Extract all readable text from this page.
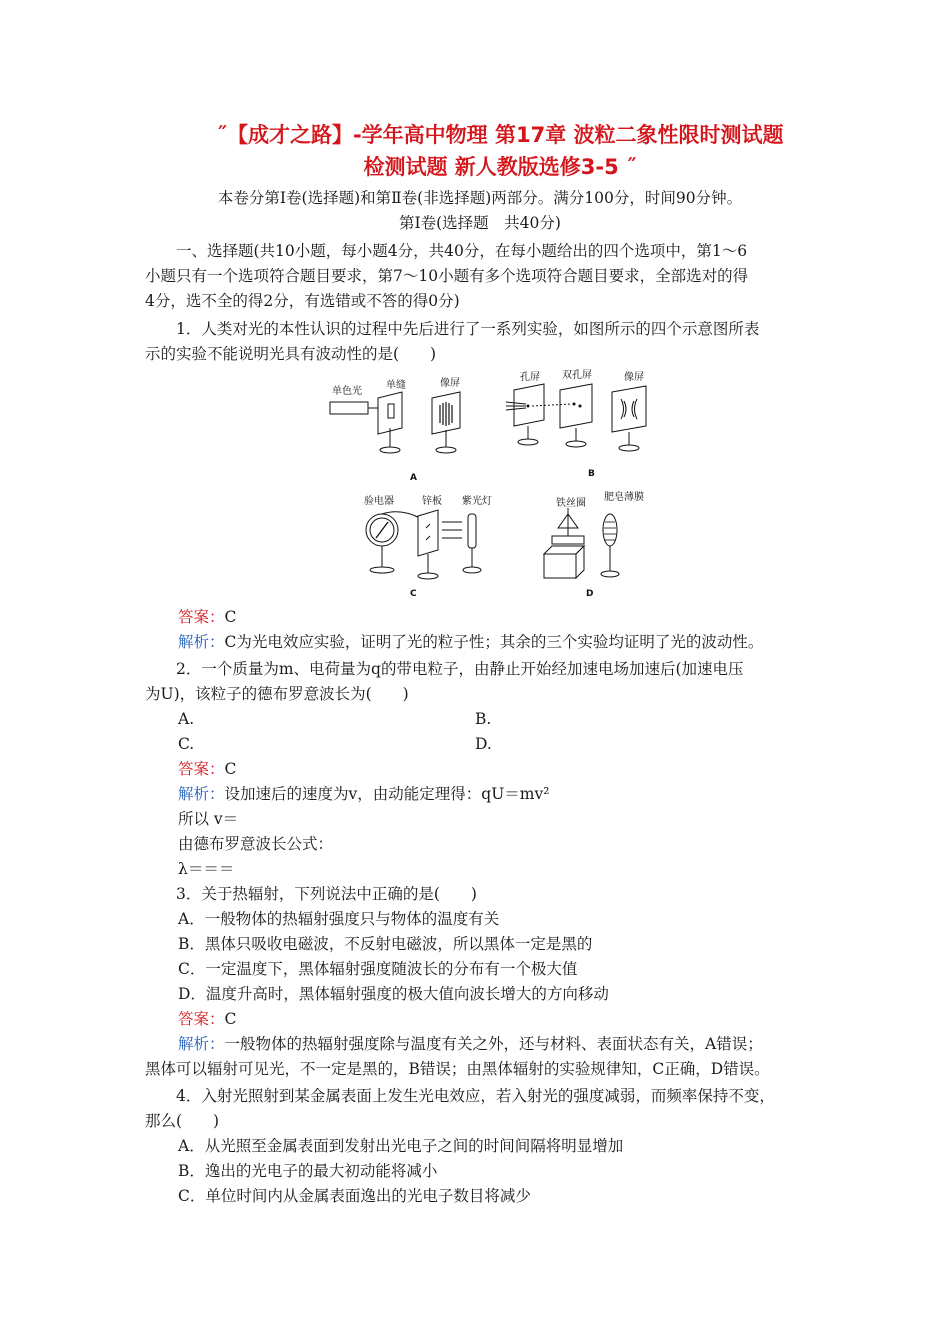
˝【成才之路】-学年高中物理 第17章 波粒二象性限时测试题
检测试题 新人教版选修3-5 ˝
本卷分第Ⅰ卷(选择题)和第Ⅱ卷(非选择题)两部分。满分100分，时间90分钟。
第Ⅰ卷(选择题　共40分)
　　一、选择题(共10小题，每小题4分，共40分，在每小题给出的四个选项中，第1～6
小题只有一个选项符合题目要求，第7～10小题有多个选项符合题目要求，全部选对的得
4分，选不全的得2分，有选错或不答的得0分)
　　1．人类对光的本性认识的过程中先后进行了一系列实验，如图所示的四个示意图所表
示的实验不能说明光具有波动性的是(　　)
单色光
单缝	像屏
A
孔屏 双孔屏	像屏
B
验电器	锌板 紫光灯
C
铁丝圈
肥皂薄膜
D
答案：C
解析：C为光电效应实验，证明了光的粒子性；其余的三个实验均证明了光的波动性。
　　2．一个质量为m、电荷量为q的带电粒子，由静止开始经加速电场加速后(加速电压
为U)，该粒子的德布罗意波长为(　　)
A.	B.
C.	D.
答案：C
解析：设加速后的速度为v，由动能定理得：qU＝mv²
所以 v＝
由德布罗意波长公式：
λ＝＝＝
　　3．关于热辐射，下列说法中正确的是(　　)
A．一般物体的热辐射强度只与物体的温度有关
B．黑体只吸收电磁波，不反射电磁波，所以黑体一定是黑的
C．一定温度下，黑体辐射强度随波长的分布有一个极大值
D．温度升高时，黑体辐射强度的极大值向波长增大的方向移动
答案：C
解析：一般物体的热辐射强度除与温度有关之外，还与材料、表面状态有关，A错误；
黑体可以辐射可见光，不一定是黑的，B错误；由黑体辐射的实验规律知，C正确，D错误。
　　4．入射光照射到某金属表面上发生光电效应，若入射光的强度减弱，而频率保持不变，
那么(　　)
A．从光照至金属表面到发射出光电子之间的时间间隔将明显增加
B．逸出的光电子的最大初动能将减小
C．单位时间内从金属表面逸出的光电子数目将减少
